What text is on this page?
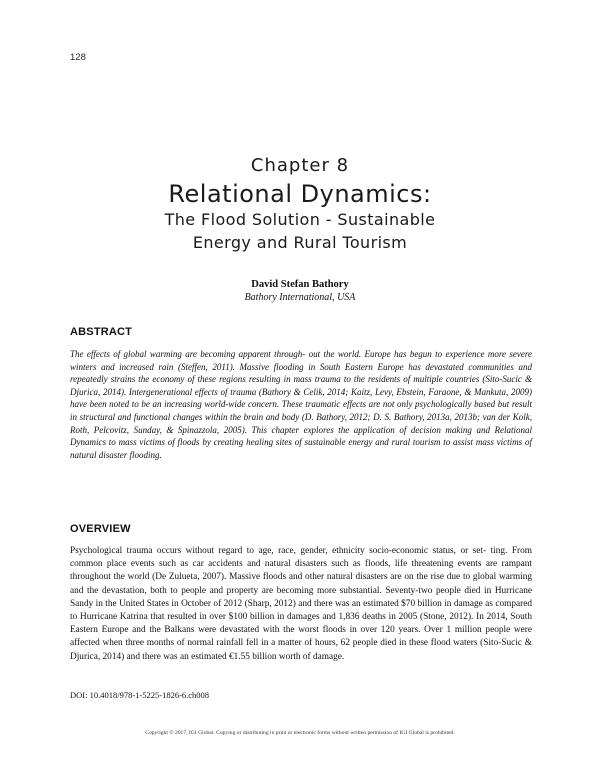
128
Chapter 8
Relational Dynamics:
The Flood Solution - Sustainable
Energy and Rural Tourism
David Stefan Bathory
Bathory International, USA
ABSTRACT
The effects of global warming are becoming apparent through- out the world. Europe has begun to experience more severe winters and increased rain (Steffen, 2011). Massive flooding in South Eastern Europe has devastated communities and repeatedly strains the economy of these regions resulting in mass trauma to the residents of multiple countries (Sito-Sucic & Djurica, 2014). Intergenerational effects of trauma (Bathory & Celik, 2014; Kaitz, Levy, Ebstein, Faraone, & Mankuta, 2009) have been noted to be an increasing world-wide concern. These traumatic effects are not only psychologically based but result in structural and functional changes within the brain and body (D. Bathory, 2012; D. S. Bathory, 2013a, 2013b; van der Kolk, Roth, Pelcovitz, Sunday, & Spinazzola, 2005). This chapter explores the application of decision making and Relational Dynamics to mass victims of floods by creating healing sites of sustainable energy and rural tourism to assist mass victims of natural disaster flooding.
OVERVIEW
Psychological trauma occurs without regard to age, race, gender, ethnicity socio-economic status, or set- ting. From common place events such as car accidents and natural disasters such as floods, life threatening events are rampant throughout the world (De Zulueta, 2007). Massive floods and other natural disasters are on the rise due to global warming and the devastation, both to people and property are becoming more substantial. Seventy-two people died in Hurricane Sandy in the United States in October of 2012 (Sharp, 2012) and there was an estimated $70 billion in damage as compared to Hurricane Katrina that resulted in over $100 billion in damages and 1,836 deaths in 2005 (Stone, 2012). In 2014, South Eastern Europe and the Balkans were devastated with the worst floods in over 120 years. Over 1 million people were affected when three months of normal rainfall fell in a matter of hours, 62 people died in these flood waters (Sito-Sucic & Djurica, 2014) and there was an estimated €1.55 billion worth of damage.
DOI: 10.4018/978-1-5225-1826-6.ch008
Copyright © 2017, IGI Global. Copying or distributing in print or electronic forms without written permission of IGI Global is prohibited.
